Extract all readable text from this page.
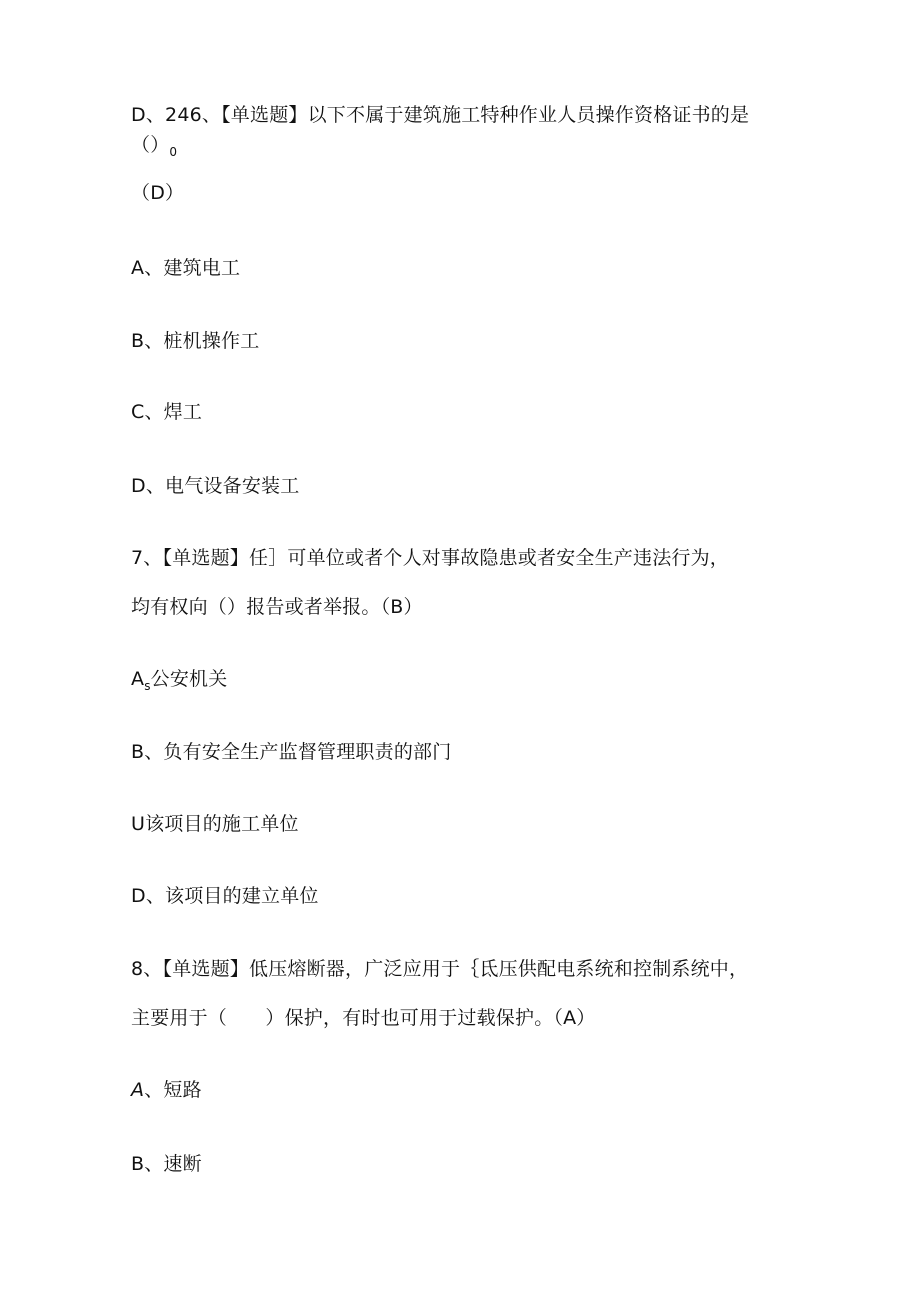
D、246、【单选题】以下不属于建筑施工特种作业人员操作资格证书的是
$()_0$
（D）
A、建筑电工
B、桩机操作工
C、焊工
D、电气设备安装工
7、【单选题】任］可单位或者个人对事故隐患或者安全生产违法行为，
均有权向（）报告或者举报。（B）
$A_s$公安机关
B、负有安全生产监督管理职责的部门
U该项目的施工单位
D、该项目的建立单位
8、【单选题】低压熔断器，广泛应用于｛氐压供配电系统和控制系统中，
主要用于（　　）保护，有时也可用于过载保护。（A）
A、短路
B、速断
